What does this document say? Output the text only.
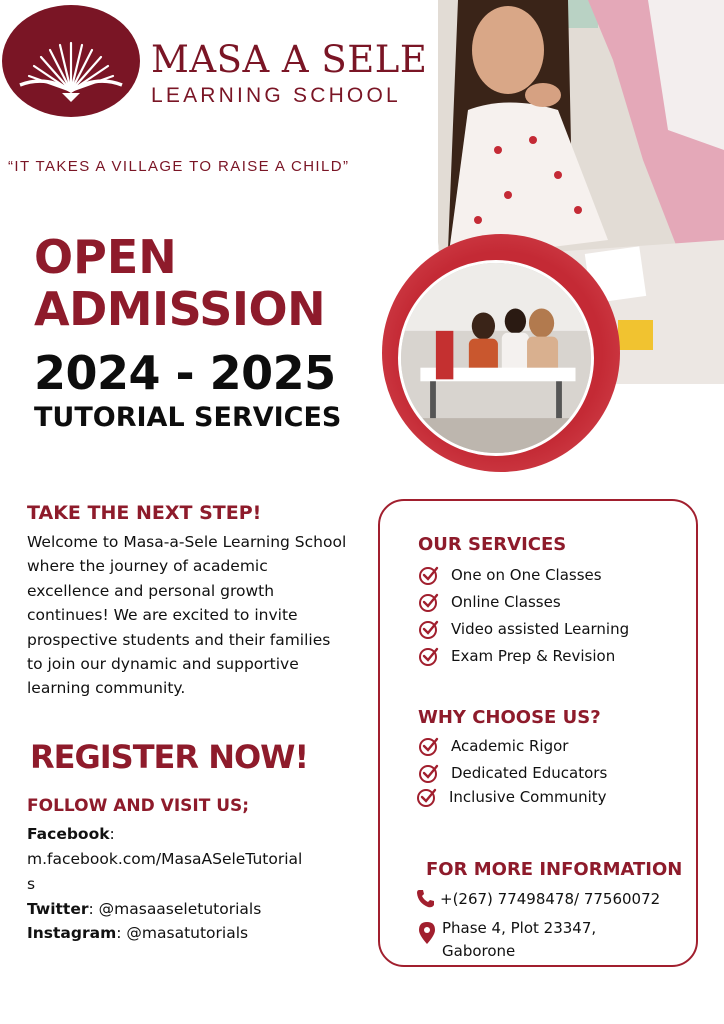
MASA A SELE
LEARNING SCHOOL
“IT TAKES A VILLAGE TO RAISE A CHILD”
OPEN
ADMISSION
2024 - 2025
TUTORIAL SERVICES
TAKE THE NEXT STEP!
Welcome to Masa-a-Sele Learning School where the journey of academic excellence and personal growth continues! We are excited to invite prospective students and their families to join our dynamic and supportive learning community.
REGISTER NOW!
FOLLOW AND VISIT US;
Facebook:
m.facebook.com/MasaASeleTutorial
s
Twitter: @masaaseletutorials
Instagram: @masatutorials
OUR SERVICES
One on One Classes
Online Classes
Video assisted Learning
Exam Prep & Revision
WHY CHOOSE US?
Academic Rigor
Dedicated Educators
Inclusive Community
FOR MORE INFORMATION
+(267) 77498478/ 77560072
Phase 4, Plot 23347,
Gaborone
